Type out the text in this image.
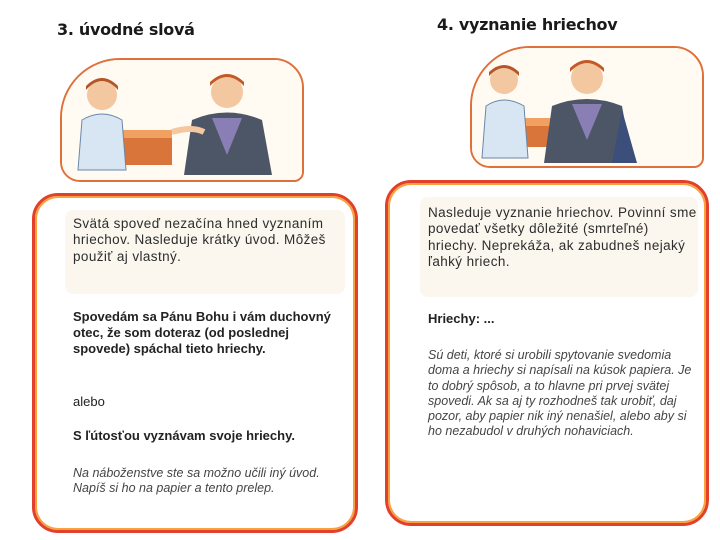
3. úvodné slová	4. vyznanie hriechov

Svätá spoveď nezačína hned vyznaním hriechov. Nasleduje krátky úvod. Môžeš použiť aj vlastný.

Spovedám sa Pánu Bohu i vám duchovný otec, že som doteraz (od poslednej spovede) spáchal tieto hriechy.

alebo

S ľútosťou vyznávam svoje hriechy.

Na náboženstve ste sa možno učili iný úvod. Napíš si ho na papier a tento prelep.

Nasleduje vyznanie hriechov. Povinní sme povedať všetky dôležité (smrteľné) hriechy. Neprekáža, ak zabudneš nejaký ľahký hriech.

Hriechy: ...

Sú deti, ktoré si urobili spytovanie svedomia doma a hriechy si napísali na kúsok papiera. Je to dobrý spôsob, a to hlavne pri prvej svätej spovedi. Ak sa aj ty rozhodneš tak urobiť, daj pozor, aby papier nik iný nenašiel, alebo aby si ho nezabudol v druhých nohaviciach.
